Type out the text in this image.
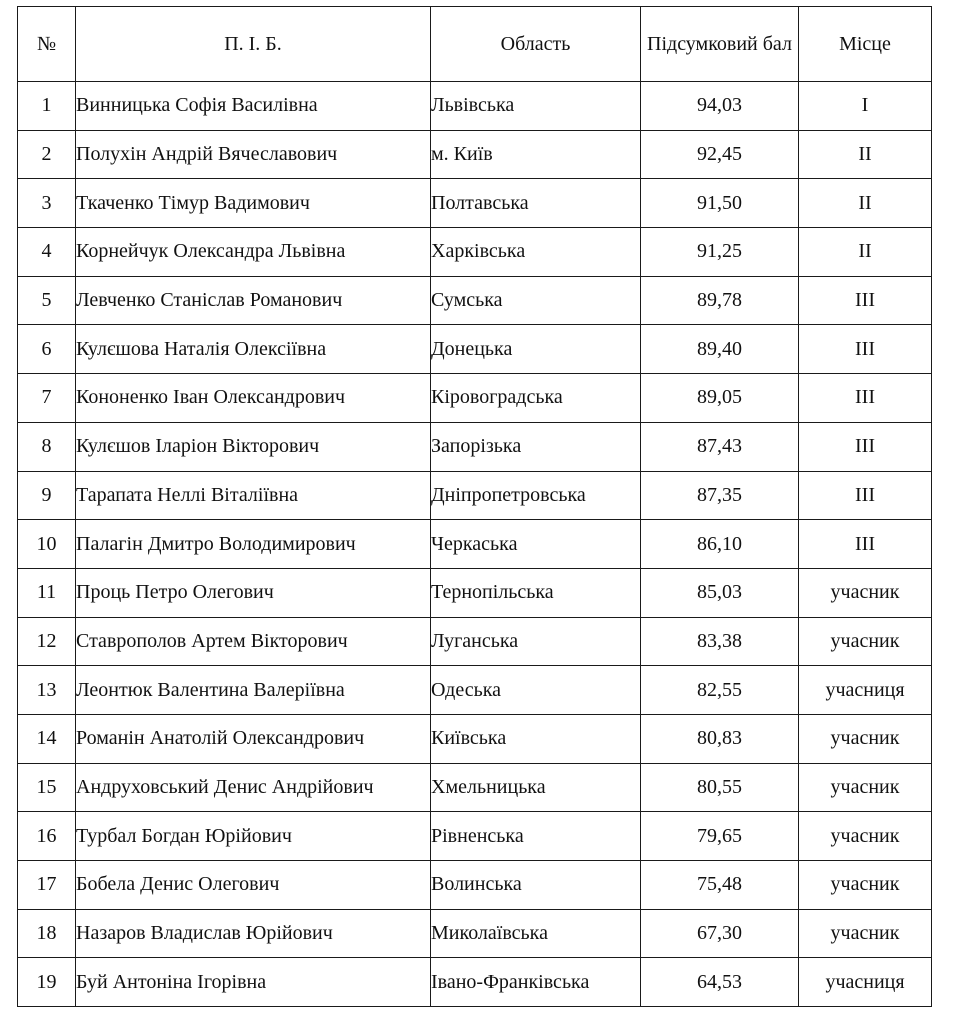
№	П. І. Б.	Область	Підсумковий бал	Місце
1	Винницька Софія Василівна	Львівська	94,03	І
2	Полухін Андрій Вячеславович	м. Київ	92,45	ІІ
3	Ткаченко Тімур Вадимович	Полтавська	91,50	ІІ
4	Корнейчук Олександра Львівна	Харківська	91,25	ІІ
5	Левченко Станіслав Романович	Сумська	89,78	ІІІ
6	Кулєшова Наталія Олексіївна	Донецька	89,40	ІІІ
7	Кононенко Іван Олександрович	Кіровоградська	89,05	ІІІ
8	Кулєшов Іларіон Вікторович	Запорізька	87,43	ІІІ
9	Тарапата Неллі Віталіївна	Дніпропетровська	87,35	ІІІ
10	Палагін Дмитро Володимирович	Черкаська	86,10	ІІІ
11	Проць Петро Олегович	Тернопільська	85,03	учасник
12	Ставрополов Артем Вікторович	Луганська	83,38	учасник
13	Леонтюк Валентина Валеріївна	Одеська	82,55	учасниця
14	Романін Анатолій Олександрович	Київська	80,83	учасник
15	Андруховський Денис Андрійович	Хмельницька	80,55	учасник
16	Турбал Богдан Юрійович	Рівненська	79,65	учасник
17	Бобела Денис Олегович	Волинська	75,48	учасник
18	Назаров Владислав Юрійович	Миколаївська	67,30	учасник
19	Буй Антоніна Ігорівна	Івано-Франківська	64,53	учасниця
